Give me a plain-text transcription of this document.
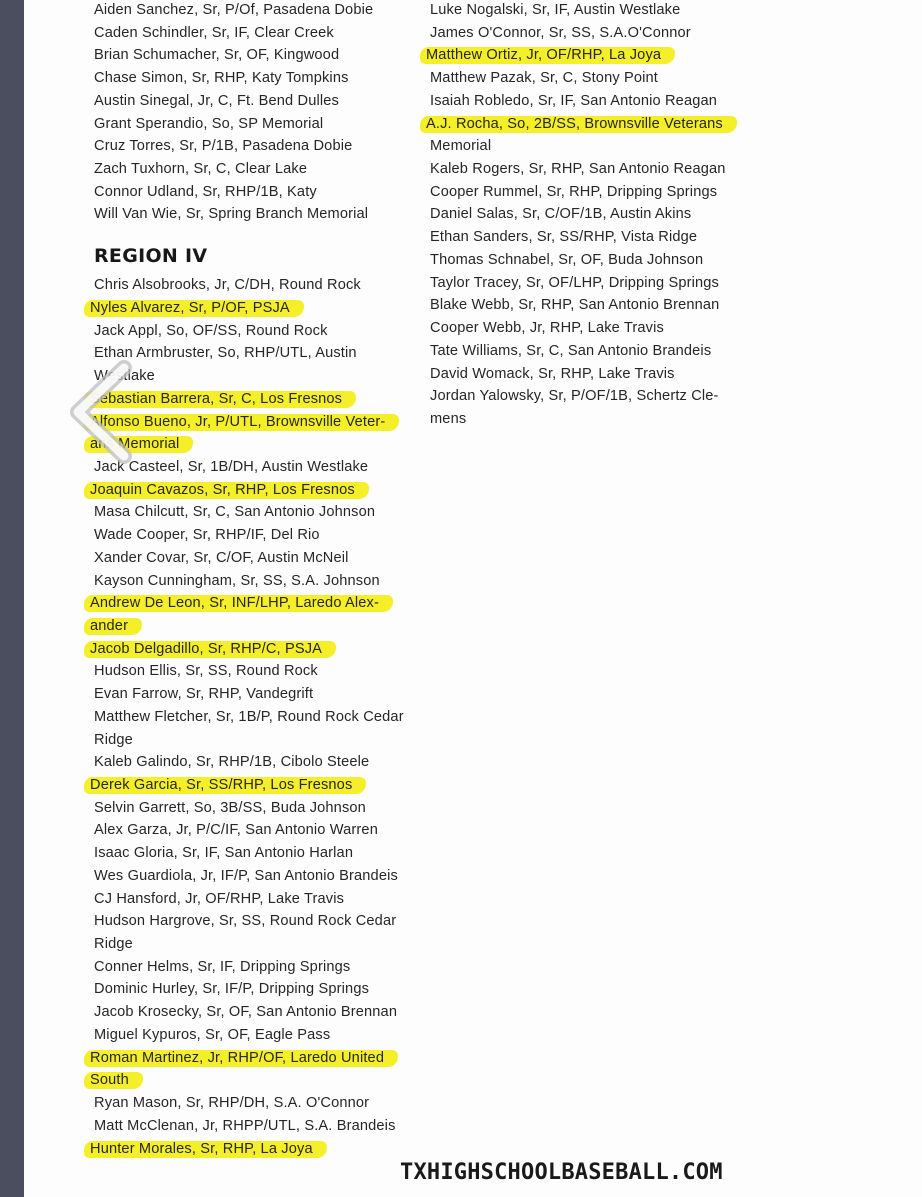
Aiden Sanchez, Sr, P/Of, Pasadena Dobie
Caden Schindler, Sr, IF, Clear Creek
Brian Schumacher, Sr, OF, Kingwood
Chase Simon, Sr, RHP, Katy Tompkins
Austin Sinegal, Jr, C, Ft. Bend Dulles
Grant Sperandio, So, SP Memorial
Cruz Torres, Sr, P/1B, Pasadena Dobie
Zach Tuxhorn, Sr, C, Clear Lake
Connor Udland, Sr, RHP/1B, Katy
Will Van Wie, Sr, Spring Branch Memorial
REGION IV
Chris Alsobrooks, Jr, C/DH, Round Rock
Nyles Alvarez, Sr, P/OF, PSJA
Jack Appl, So, OF/SS, Round Rock
Ethan Armbruster, So, RHP/UTL, Austin
Westlake
Sebastian Barrera, Sr, C, Los Fresnos
Alfonso Bueno, Jr, P/UTL, Brownsville Veter-
ans Memorial
Jack Casteel, Sr, 1B/DH, Austin Westlake
Joaquin Cavazos, Sr, RHP, Los Fresnos
Masa Chilcutt, Sr, C, San Antonio Johnson
Wade Cooper, Sr, RHP/IF, Del Rio
Xander Covar, Sr, C/OF, Austin McNeil
Kayson Cunningham, Sr, SS, S.A. Johnson
Andrew De Leon, Sr, INF/LHP, Laredo Alex-
ander
Jacob Delgadillo, Sr, RHP/C, PSJA
Hudson Ellis, Sr, SS, Round Rock
Evan Farrow, Sr, RHP, Vandegrift
Matthew Fletcher, Sr, 1B/P, Round Rock Cedar
Ridge
Kaleb Galindo, Sr, RHP/1B, Cibolo Steele
Derek Garcia, Sr, SS/RHP, Los Fresnos
Selvin Garrett, So, 3B/SS, Buda Johnson
Alex Garza, Jr, P/C/IF, San Antonio Warren
Isaac Gloria, Sr, IF, San Antonio Harlan
Wes Guardiola, Jr, IF/P, San Antonio Brandeis
CJ Hansford, Jr, OF/RHP, Lake Travis
Hudson Hargrove, Sr, SS, Round Rock Cedar
Ridge
Conner Helms, Sr, IF, Dripping Springs
Dominic Hurley, Sr, IF/P, Dripping Springs
Jacob Krosecky, Sr, OF, San Antonio Brennan
Miguel Kypuros, Sr, OF, Eagle Pass
Roman Martinez, Jr, RHP/OF, Laredo United
South
Ryan Mason, Sr, RHP/DH, S.A. O'Connor
Matt McClenan, Jr, RHPP/UTL, S.A. Brandeis
Hunter Morales, Sr, RHP, La Joya
Luke Nogalski, Sr, IF, Austin Westlake
James O'Connor, Sr, SS, S.A.O'Connor
Matthew Ortiz, Jr, OF/RHP, La Joya
Matthew Pazak, Sr, C, Stony Point
Isaiah Robledo, Sr, IF, San Antonio Reagan
A.J. Rocha, So, 2B/SS, Brownsville Veterans
Memorial
Kaleb Rogers, Sr, RHP, San Antonio Reagan
Cooper Rummel, Sr, RHP, Dripping Springs
Daniel Salas, Sr, C/OF/1B, Austin Akins
Ethan Sanders, Sr, SS/RHP, Vista Ridge
Thomas Schnabel, Sr, OF, Buda Johnson
Taylor Tracey, Sr, OF/LHP, Dripping Springs
Blake Webb, Sr, RHP, San Antonio Brennan
Cooper Webb, Jr, RHP, Lake Travis
Tate Williams, Sr, C, San Antonio Brandeis
David Womack, Sr, RHP, Lake Travis
Jordan Yalowsky, Sr, P/OF/1B, Schertz Cle-
mens
TXHIGHSCHOOLBASEBALL.COM
